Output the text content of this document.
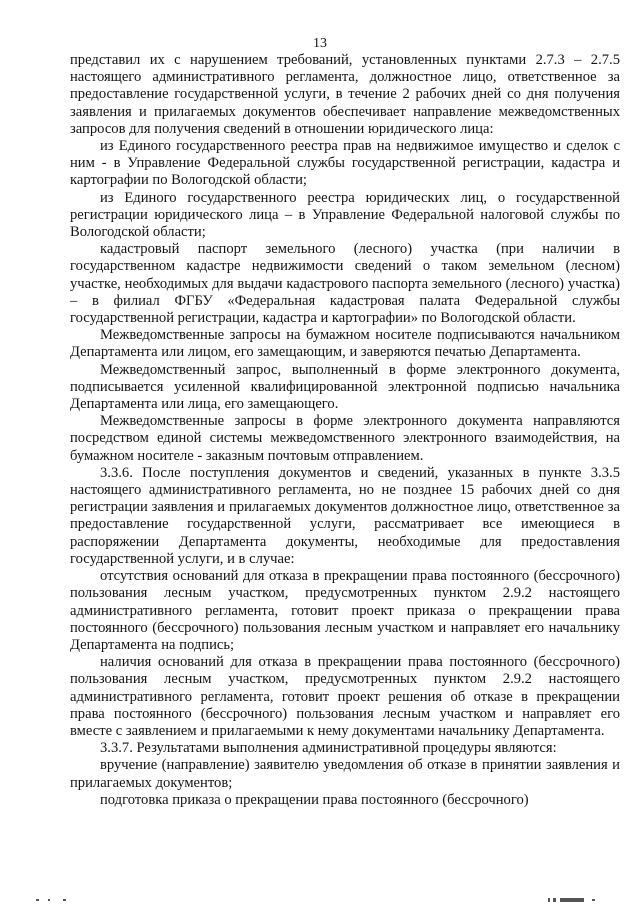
13

представил их с нарушением требований, установленных пунктами 2.7.3 – 2.7.5 настоящего административного регламента, должностное лицо, ответственное за предоставление государственной услуги, в течение 2 рабочих дней со дня получения заявления и прилагаемых документов обеспечивает направление межведомственных запросов для получения сведений в отношении юридического лица:

из Единого государственного реестра прав на недвижимое имущество и сделок с ним - в Управление Федеральной службы государственной регистрации, кадастра и картографии по Вологодской области;

из Единого государственного реестра юридических лиц, о государственной регистрации юридического лица – в Управление Федеральной налоговой службы по Вологодской области;

кадастровый паспорт земельного (лесного) участка (при наличии в государственном кадастре недвижимости сведений о таком земельном (лесном) участке, необходимых для выдачи кадастрового паспорта земельного (лесного) участка) – в филиал ФГБУ «Федеральная кадастровая палата Федеральной службы государственной регистрации, кадастра и картографии» по Вологодской области.

Межведомственные запросы на бумажном носителе подписываются начальником Департамента или лицом, его замещающим, и заверяются печатью Департамента.

Межведомственный запрос, выполненный в форме электронного документа, подписывается усиленной квалифицированной электронной подписью начальника Департамента или лица, его замещающего.

Межведомственные запросы в форме электронного документа направляются посредством единой системы межведомственного электронного взаимодействия, на бумажном носителе - заказным почтовым отправлением.

3.3.6. После поступления документов и сведений, указанных в пункте 3.3.5 настоящего административного регламента, но не позднее 15 рабочих дней со дня регистрации заявления и прилагаемых документов должностное лицо, ответственное за предоставление государственной услуги, рассматривает все имеющиеся в распоряжении Департамента документы, необходимые для предоставления государственной услуги, и в случае:

отсутствия оснований для отказа в прекращении права постоянного (бессрочного) пользования лесным участком, предусмотренных пунктом 2.9.2 настоящего административного регламента, готовит проект приказа о прекращении права постоянного (бессрочного) пользования лесным участком и направляет его начальнику Департамента на подпись;

наличия оснований для отказа в прекращении права постоянного (бессрочного) пользования лесным участком, предусмотренных пунктом 2.9.2 настоящего административного регламента, готовит проект решения об отказе в прекращении права постоянного (бессрочного) пользования лесным участком и направляет его вместе с заявлением и прилагаемыми к нему документами начальнику Департамента.

3.3.7. Результатами выполнения административной процедуры являются:

вручение (направление) заявителю уведомления об отказе в принятии заявления и прилагаемых документов;

подготовка приказа о прекращении права постоянного (бессрочного)
